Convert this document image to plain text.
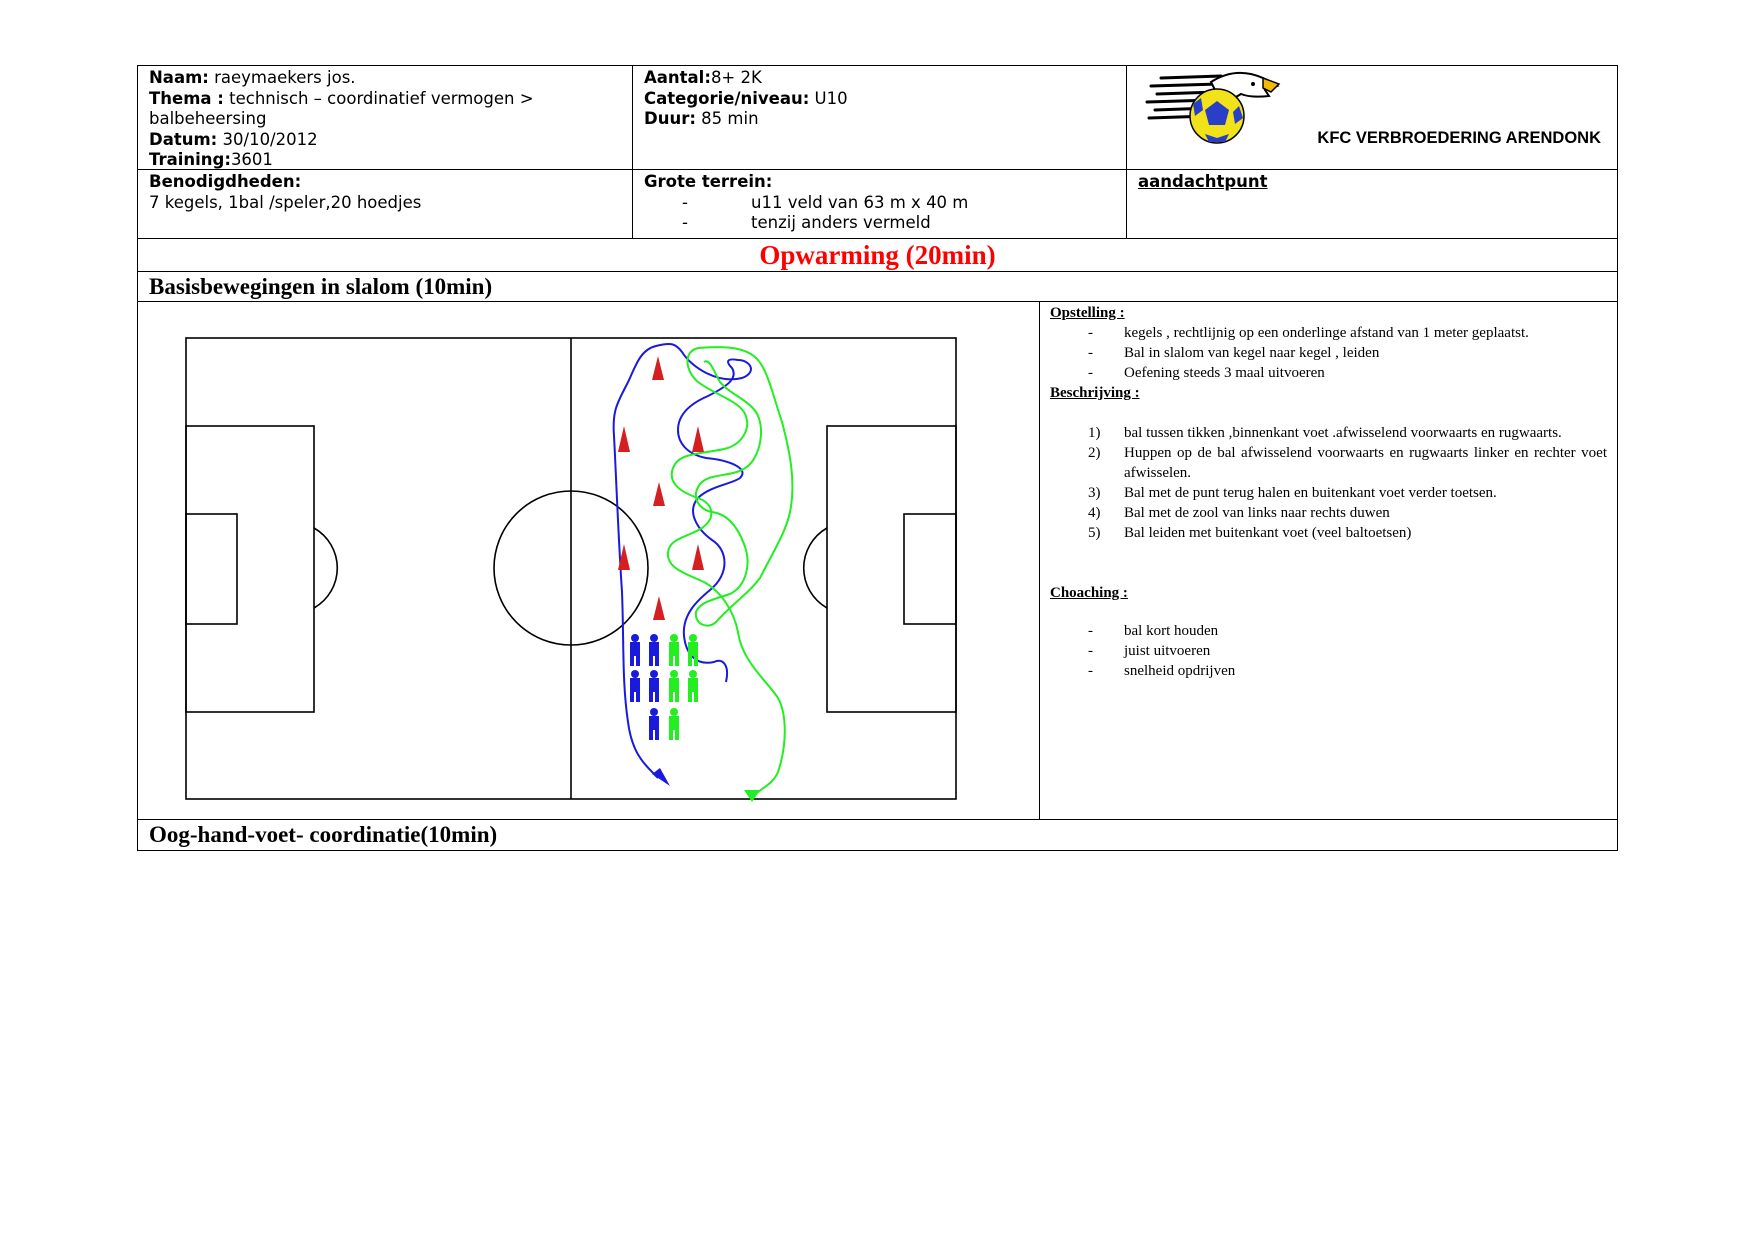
Naam: raeymaekers jos.
Thema : technisch – coordinatief vermogen > balbeheersing
Datum: 30/10/2012
Training:3601
Aantal:8+ 2K
Categorie/niveau: U10
Duur: 85 min
KFC VERBROEDERING ARENDONK
Benodigdheden:
7 kegels, 1bal /speler,20 hoedjes
Grote terrein:
-	u11 veld van 63 m x 40 m
-	tenzij anders vermeld
aandachtpunt
Opwarming (20min)
Basisbewegingen in slalom (10min)
Opstelling :
-	kegels , rechtlijnig op een onderlinge afstand van 1 meter geplaatst.
-	Bal in slalom van kegel naar kegel , leiden
-	Oefening steeds 3 maal uitvoeren
Beschrijving :
1)	bal tussen tikken ,binnenkant voet .afwisselend voorwaarts en rugwaarts.
2)	Huppen op de bal afwisselend voorwaarts en rugwaarts linker en rechter voet afwisselen.
3)	Bal met de punt terug halen en buitenkant voet verder toetsen.
4)	Bal met de zool van links naar rechts duwen
5)	Bal leiden met buitenkant voet (veel baltoetsen)
Choaching :
-	bal kort houden
-	juist uitvoeren
-	snelheid opdrijven
Oog-hand-voet- coordinatie(10min)
